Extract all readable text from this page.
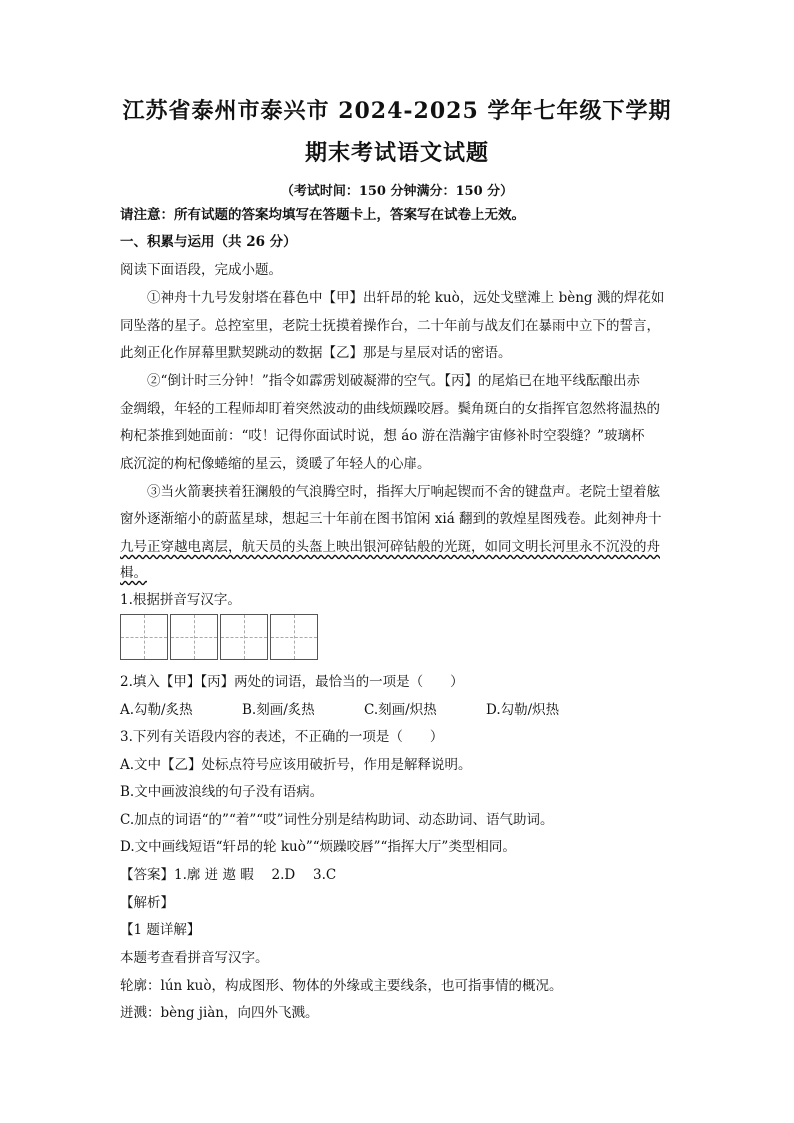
江苏省泰州市泰兴市 2024-2025 学年七年级下学期
期末考试语文试题
（考试时间：150 分钟满分：150 分）
请注意：所有试题的答案均填写在答题卡上，答案写在试卷上无效。
一、积累与运用（共 26 分）
阅读下面语段，完成小题。
①神舟十九号发射塔在暮色中【甲】出轩昂的轮 kuò，远处戈壁滩上 bèng 溅的焊花如
同坠落的星子。总控室里，老院士抚摸着操作台，二十年前与战友们在暴雨中立下的誓言，
此刻正化作屏幕里默契跳动的数据【乙】那是与星辰对话的密语。
②“倒计时三分钟！”指令如霹雳划破凝滞的空气。【丙】的尾焰已在地平线酝酿出赤
金绸缎，年轻的工程师却盯着突然波动的曲线烦躁咬唇。鬓角斑白的女指挥官忽然将温热的
枸杞茶推到她面前：“哎！记得你面试时说，想 áo 游在浩瀚宇宙修补时空裂缝？”玻璃杯
底沉淀的枸杞像蜷缩的星云，烫暖了年轻人的心扉。
③当火箭裹挟着狂澜般的气浪腾空时，指挥大厅响起锲而不舍的键盘声。老院士望着舷
窗外逐渐缩小的蔚蓝星球，想起三十年前在图书馆闲 xiá 翻到的敦煌星图残卷。此刻神舟十
九号正穿越电离层，航天员的头盔上映出银河碎钻般的光斑，如同文明长河里永不沉没的舟
楫。
1.根据拼音写汉字。
2.填入【甲】【丙】两处的词语，最恰当的一项是（　　）
A.勾勒/炙热	B.刻画/炙热	C.刻画/炽热	D.勾勒/炽热
3.下列有关语段内容的表述，不正确的一项是（　　）
A.文中【乙】处标点符号应该用破折号，作用是解释说明。
B.文中画波浪线的句子没有语病。
C.加点的词语“的”“着”“哎”词性分别是结构助词、动态助词、语气助词。
D.文中画线短语“轩昂的轮 kuò”“烦躁咬唇”“指挥大厅”类型相同。
【答案】1.廓 迸 遨 暇　 2.D　 3.C
【解析】
【1 题详解】
本题考查看拼音写汉字。
轮廓：lún kuò，构成图形、物体的外缘或主要线条，也可指事情的概况。
迸溅：bèng jiàn，向四外飞溅。
